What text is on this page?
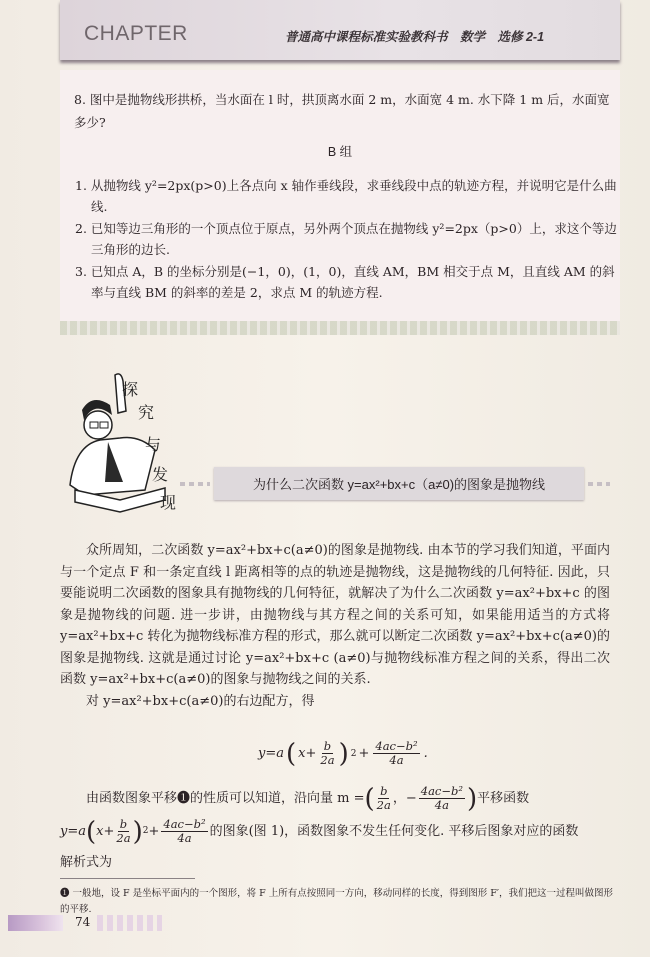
CHAPTER	普通高中课程标准实验教科书　数学　选修 2-1
8. 图中是抛物线形拱桥，当水面在 l 时，拱顶离水面 2 m，水面宽 4 m. 水下降 1 m 后，水面宽多少?
B 组
1. 从抛物线 y²=2px(p>0)上各点向 x 轴作垂线段，求垂线段中点的轨迹方程，并说明它是什么曲线.
2. 已知等边三角形的一个顶点位于原点，另外两个顶点在抛物线 y²=2px（p>0）上，求这个等边三角形的边长.
3. 已知点 A，B 的坐标分别是(−1，0)，(1，0)，直线 AM，BM 相交于点 M，且直线 AM 的斜率与直线 BM 的斜率的差是 2，求点 M 的轨迹方程.
探
究
与
发
现
为什么二次函数 y=ax²+bx+c（a≠0)的图象是抛物线

众所周知，二次函数 y=ax²+bx+c(a≠0)的图象是抛物线. 由本节的学习我们知道，平面内与一个定点 F 和一条定直线 l 距离相等的点的轨迹是抛物线，这是抛物线的几何特征. 因此，只要能说明二次函数的图象具有抛物线的几何特征，就解决了为什么二次函数 y=ax²+bx+c 的图象是抛物线的问题. 进一步讲，由抛物线与其方程之间的关系可知，如果能用适当的方式将 y=ax²+bx+c 转化为抛物线标准方程的形式，那么就可以断定二次函数 y=ax²+bx+c(a≠0)的图象是抛物线. 这就是通过讨论 y=ax²+bx+c (a≠0)与抛物线标准方程之间的关系，得出二次函数 y=ax²+bx+c(a≠0)的图象与抛物线之间的关系.

对 y=ax²+bx+c(a≠0)的右边配方，得

y=a ( $x+ \frac{b}{2a}$ ) $2 + \frac{\text{4ac−b²}}{4a}$ .
由函数图象平移❶的性质可以知道，沿向量 m = ( $\frac{b}{2a}$ ，− $\frac{\text{4ac−b²}}{4a}$ ) 平移函数
y=a ( $x+ \frac{b}{2a}$ ) $2 + \frac{\text{4ac−b²}}{4a}$ 的图象(图 1)，函数图象不发生任何变化. 平移后图象对应的函数
解析式为
❶ 一般地，设 F 是坐标平面内的一个图形，将 F 上所有点按照同一方向，移动同样的长度，得到图形 F′，我们把这一过程叫做图形的平移.
74
